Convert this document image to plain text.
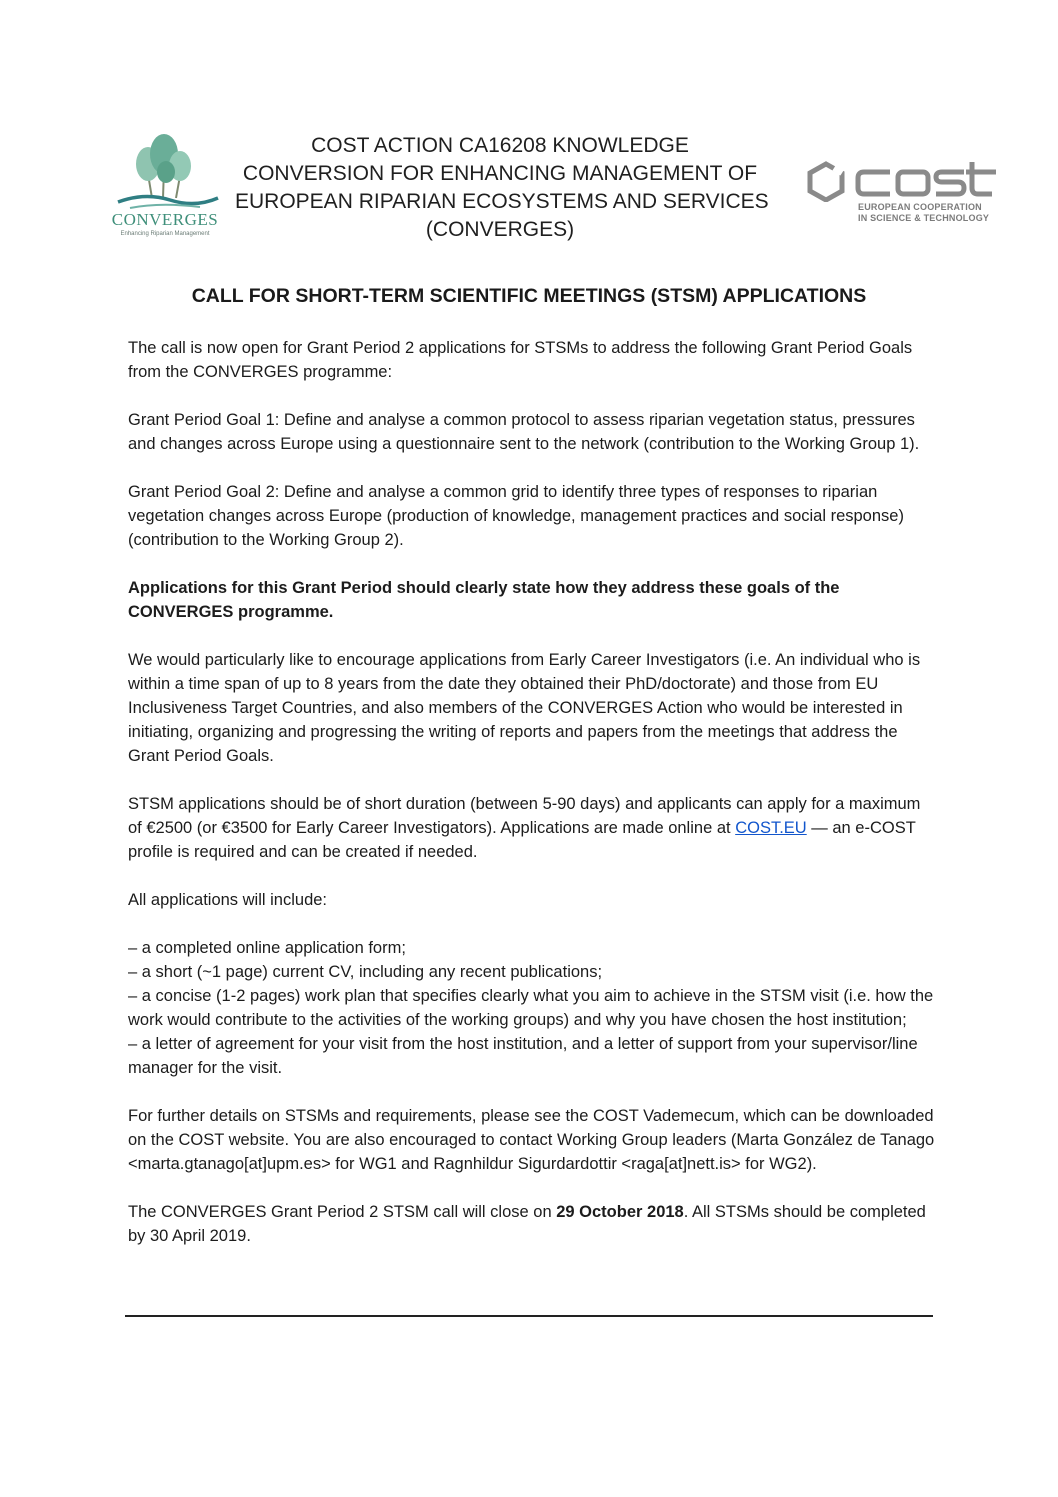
CONVERGES
Enhancing Riparian Management
COST ACTION CA16208 KNOWLEDGE
CONVERSION FOR ENHANCING MANAGEMENT OF
EUROPEAN RIPARIAN ECOSYSTEMS AND SERVICES
(CONVERGES)
EUROPEAN COOPERATION
IN SCIENCE & TECHNOLOGY
CALL FOR SHORT-TERM SCIENTIFIC MEETINGS (STSM) APPLICATIONS

The call is now open for Grant Period 2 applications for STSMs to address the following Grant Period Goals from the CONVERGES programme:

Grant Period Goal 1: Define and analyse a common protocol to assess riparian vegetation status, pressures and changes across Europe using a questionnaire sent to the network (contribution to the Working Group 1).

Grant Period Goal 2: Define and analyse a common grid to identify three types of responses to riparian vegetation changes across Europe (production of knowledge, management practices and social response) (contribution to the Working Group 2).

Applications for this Grant Period should clearly state how they address these goals of the CONVERGES programme.

We would particularly like to encourage applications from Early Career Investigators (i.e. An individual who is within a time span of up to 8 years from the date they obtained their PhD/doctorate) and those from EU Inclusiveness Target Countries, and also members of the CONVERGES Action who would be interested in initiating, organizing and progressing the writing of reports and papers from the meetings that address the Grant Period Goals.

STSM applications should be of short duration (between 5-90 days) and applicants can apply for a maximum of €2500 (or €3500 for Early Career Investigators). Applications are made online at COST.EU — an e-COST profile is required and can be created if needed.

All applications will include:

– a completed online application form;

– a short (~1 page) current CV, including any recent publications;

– a concise (1-2 pages) work plan that specifies clearly what you aim to achieve in the STSM visit (i.e. how the work would contribute to the activities of the working groups) and why you have chosen the host institution;

– a letter of agreement for your visit from the host institution, and a letter of support from your supervisor/line manager for the visit.

For further details on STSMs and requirements, please see the COST Vademecum, which can be downloaded on the COST website. You are also encouraged to contact Working Group leaders (Marta González de Tanago <marta.gtanago[at]upm.es> for WG1 and Ragnhildur Sigurdardottir <raga[at]nett.is> for WG2).

The CONVERGES Grant Period 2 STSM call will close on 29 October 2018. All STSMs should be completed by 30 April 2019.
